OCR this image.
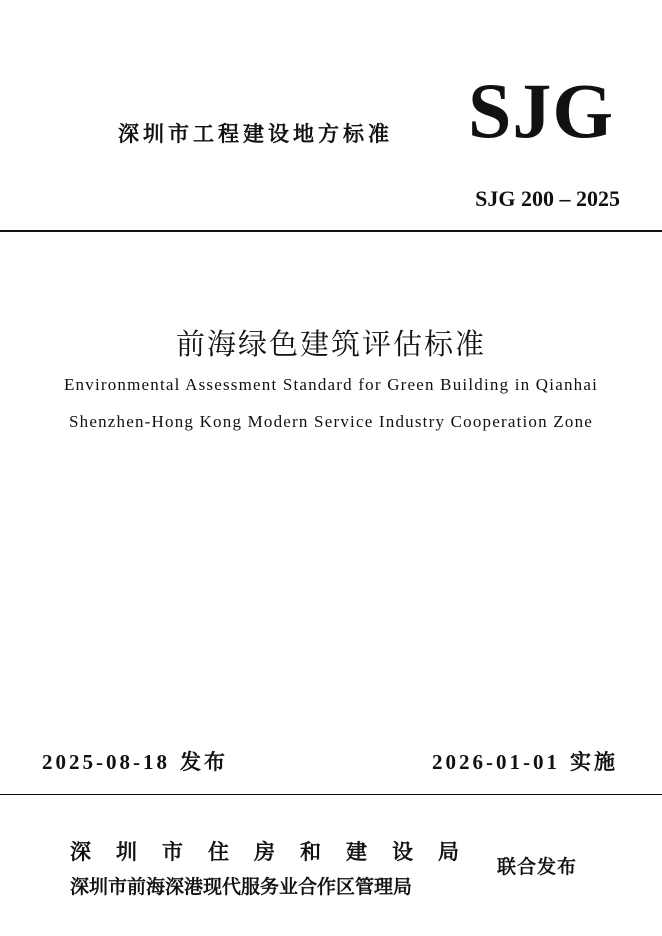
深圳市工程建设地方标准 SJG
SJG 200 – 2025
前海绿色建筑评估标准
Environmental Assessment Standard for Green Building in Qianhai
Shenzhen-Hong Kong Modern Service Industry Cooperation Zone
2025-08-18 发布	2026-01-01 实施
深圳市住房和建设局
深圳市前海深港现代服务业合作区管理局
联合发布
